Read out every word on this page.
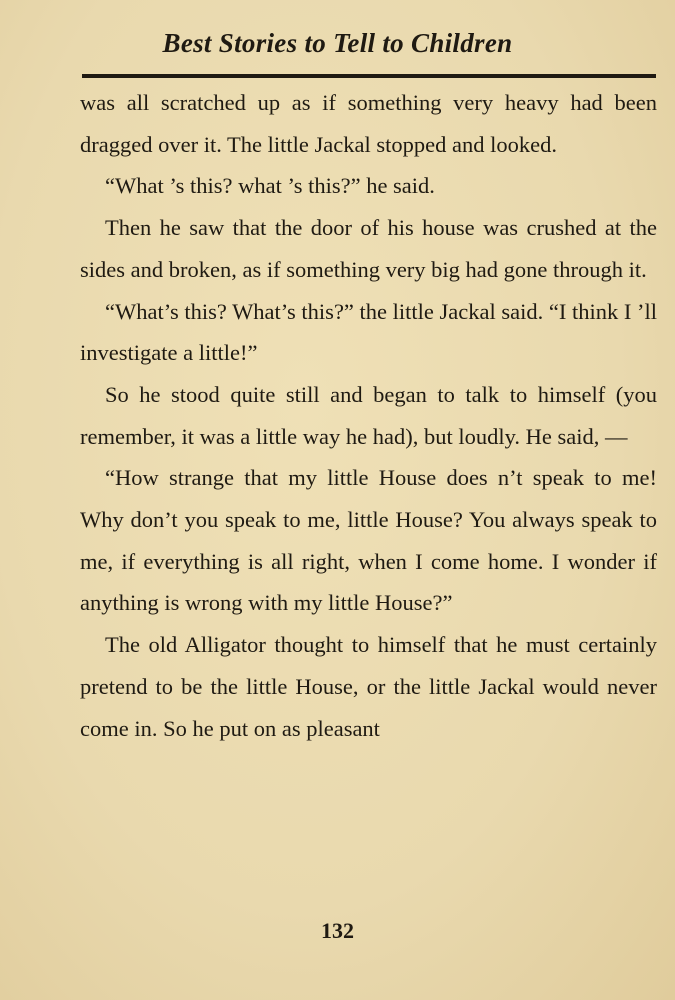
Best Stories to Tell to Children

was all scratched up as if something very heavy had been dragged over it. The little Jackal stopped and looked.

“What ’s this? what ’s this?” he said.

Then he saw that the door of his house was crushed at the sides and broken, as if something very big had gone through it.

“What’s this? What’s this?” the little Jackal said. “I think I ’ll investigate a little!”

So he stood quite still and began to talk to himself (you remember, it was a little way he had), but loudly. He said, —

“How strange that my little House does n’t speak to me! Why don’t you speak to me, little House? You always speak to me, if everything is all right, when I come home. I wonder if anything is wrong with my little House?”

The old Alligator thought to himself that he must certainly pretend to be the little House, or the little Jackal would never come in. So he put on as pleasant

132
